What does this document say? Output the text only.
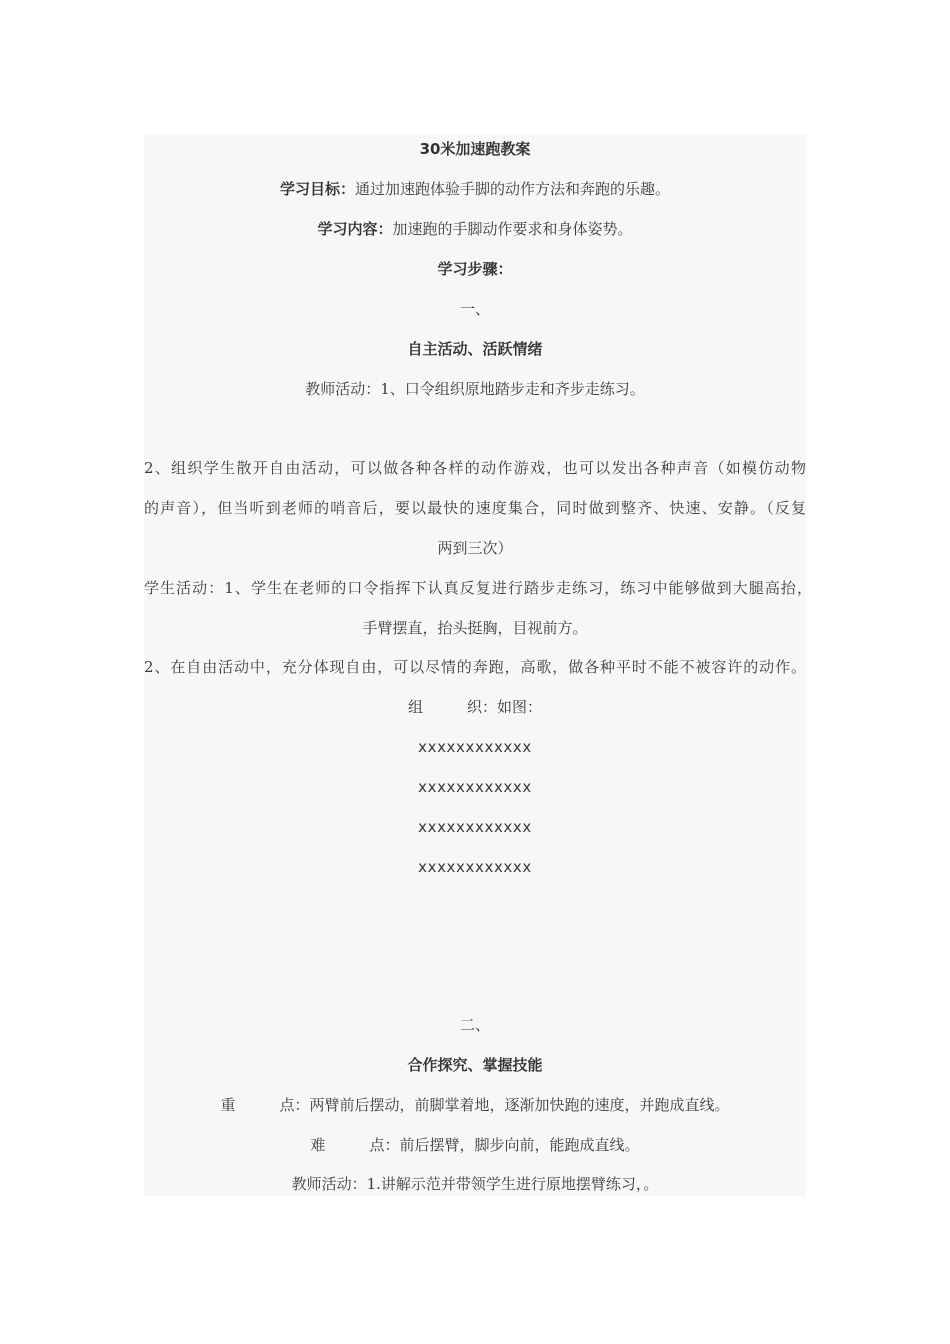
30米加速跑教案
学习目标：通过加速跑体验手脚的动作方法和奔跑的乐趣。
学习内容：加速跑的手脚动作要求和身体姿势。
学习步骤：
一、
自主活动、活跃情绪
教师活动：1、口令组织原地踏步走和齐步走练习。
2、组织学生散开自由活动，可以做各种各样的动作游戏，也可以发出各种声音（如模仿动物
的声音），但当听到老师的哨音后，要以最快的速度集合，同时做到整齐、快速、安静。（反复
两到三次）
学生活动：1、学生在老师的口令指挥下认真反复进行踏步走练习，练习中能够做到大腿高抬，
手臂摆直，抬头挺胸，目视前方。
2、在自由活动中，充分体现自由，可以尽情的奔跑，高歌，做各种平时不能不被容许的动作。
组	织：如图：
xxxxxxxxxxxx
xxxxxxxxxxxx
xxxxxxxxxxxx
xxxxxxxxxxxx
二、
合作探究、掌握技能
重	点：两臂前后摆动，前脚掌着地，逐渐加快跑的速度，并跑成直线。
难	点：前后摆臂，脚步向前，能跑成直线。
教师活动：1.讲解示范并带领学生进行原地摆臂练习，。
